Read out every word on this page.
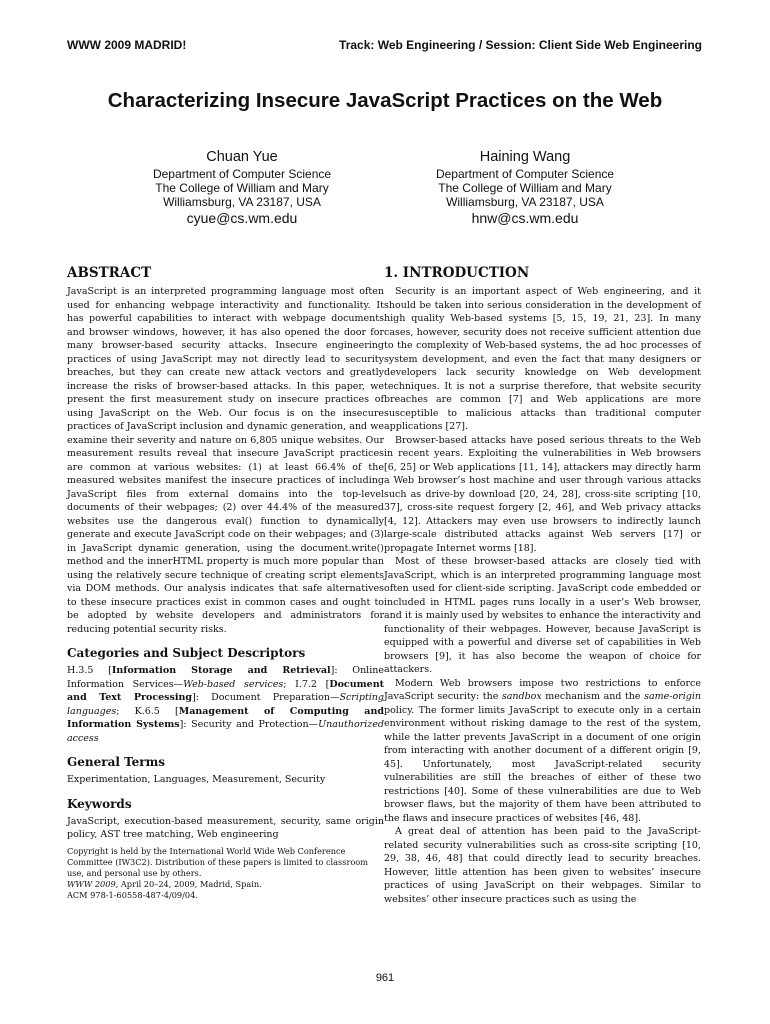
WWW 2009 MADRID!	Track: Web Engineering / Session: Client Side Web Engineering
Characterizing Insecure JavaScript Practices on the Web
Chuan Yue
Department of Computer Science
The College of William and Mary
Williamsburg, VA 23187, USA
cyue@cs.wm.edu
Haining Wang
Department of Computer Science
The College of William and Mary
Williamsburg, VA 23187, USA
hnw@cs.wm.edu
ABSTRACT

JavaScript is an interpreted programming language most often used for enhancing webpage interactivity and functionality. It has powerful capabilities to interact with webpage documents and browser windows, however, it has also opened the door for many browser-based security attacks. Insecure engineering practices of using JavaScript may not directly lead to security breaches, but they can create new attack vectors and greatly increase the risks of browser-based attacks. In this paper, we present the first measurement study on insecure practices of using JavaScript on the Web. Our focus is on the insecure practices of JavaScript inclusion and dynamic generation, and we examine their severity and nature on 6,805 unique websites. Our measurement results reveal that insecure JavaScript practices are common at various websites: (1) at least 66.4% of the measured websites manifest the insecure practices of including JavaScript files from external domains into the top-level documents of their webpages; (2) over 44.4% of the measured websites use the dangerous eval() function to dynamically generate and execute JavaScript code on their webpages; and (3) in JavaScript dynamic generation, using the document.write() method and the innerHTML property is much more popular than using the relatively secure technique of creating script elements via DOM methods. Our analysis indicates that safe alternatives to these insecure practices exist in common cases and ought to be adopted by website developers and administrators for reducing potential security risks.

Categories and Subject Descriptors

H.3.5 [Information Storage and Retrieval]: Online Information Services—Web-based services; I.7.2 [Document and Text Processing]: Document Preparation—Scripting languages; K.6.5 [Management of Computing and Information Systems]: Security and Protection—Unauthorized access

General Terms

Experimentation, Languages, Measurement, Security

Keywords

JavaScript, execution-based measurement, security, same origin policy, AST tree matching, Web engineering

Copyright is held by the International World Wide Web Conference Committee (IW3C2). Distribution of these papers is limited to classroom use, and personal use by others.
WWW 2009, April 20–24, 2009, Madrid, Spain.
ACM 978-1-60558-487-4/09/04.
1. INTRODUCTION

Security is an important aspect of Web engineering, and it should be taken into serious consideration in the development of high quality Web-based systems [5, 15, 19, 21, 23]. In many cases, however, security does not receive sufficient attention due to the complexity of Web-based systems, the ad hoc processes of system development, and even the fact that many designers or developers lack security knowledge on Web development techniques. It is not a surprise therefore, that website security breaches are common [7] and Web applications are more susceptible to malicious attacks than traditional computer applications [27].

Browser-based attacks have posed serious threats to the Web in recent years. Exploiting the vulnerabilities in Web browsers [6, 25] or Web applications [11, 14], attackers may directly harm a Web browser’s host machine and user through various attacks such as drive-by download [20, 24, 28], cross-site scripting [10, 37], cross-site request forgery [2, 46], and Web privacy attacks [4, 12]. Attackers may even use browsers to indirectly launch large-scale distributed attacks against Web servers [17] or propagate Internet worms [18].

Most of these browser-based attacks are closely tied with JavaScript, which is an interpreted programming language most often used for client-side scripting. JavaScript code embedded or included in HTML pages runs locally in a user’s Web browser, and it is mainly used by websites to enhance the interactivity and functionality of their webpages. However, because JavaScript is equipped with a powerful and diverse set of capabilities in Web browsers [9], it has also become the weapon of choice for attackers.

Modern Web browsers impose two restrictions to enforce JavaScript security: the sandbox mechanism and the same-origin policy. The former limits JavaScript to execute only in a certain environment without risking damage to the rest of the system, while the latter prevents JavaScript in a document of one origin from interacting with another document of a different origin [9, 45]. Unfortunately, most JavaScript-related security vulnerabilities are still the breaches of either of these two restrictions [40]. Some of these vulnerabilities are due to Web browser flaws, but the majority of them have been attributed to the flaws and insecure practices of websites [46, 48].

A great deal of attention has been paid to the JavaScript-related security vulnerabilities such as cross-site scripting [10, 29, 38, 46, 48] that could directly lead to security breaches. However, little attention has been given to websites’ insecure practices of using JavaScript on their webpages. Similar to websites’ other insecure practices such as using the

961
